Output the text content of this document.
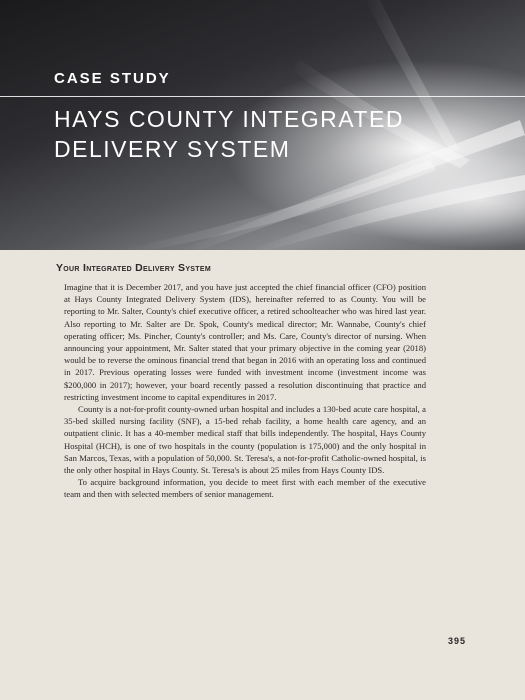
CASE STUDY
HAYS COUNTY INTEGRATED DELIVERY SYSTEM
Your Integrated Delivery System

Imagine that it is December 2017, and you have just accepted the chief financial officer (CFO) position at Hays County Integrated Delivery System (IDS), hereinafter referred to as County. You will be reporting to Mr. Salter, County's chief executive officer, a retired schoolteacher who was hired last year. Also reporting to Mr. Salter are Dr. Spok, County's medical director; Mr. Wannabe, County's chief operating officer; Ms. Pincher, County's controller; and Ms. Care, County's director of nursing. When announcing your appointment, Mr. Salter stated that your primary objective in the coming year (2018) would be to reverse the ominous financial trend that began in 2016 with an operating loss and continued in 2017. Previous operating losses were funded with investment income (investment income was $200,000 in 2017); however, your board recently passed a resolution discontinuing that practice and restricting investment income to capital expenditures in 2017.

County is a not-for-profit county-owned urban hospital and includes a 130-bed acute care hospital, a 35-bed skilled nursing facility (SNF), a 15-bed rehab facility, a home health care agency, and an outpatient clinic. It has a 40-member medical staff that bills independently. The hospital, Hays County Hospital (HCH), is one of two hospitals in the county (population is 175,000) and the only hospital in San Marcos, Texas, with a population of 50,000. St. Teresa's, a not-for-profit Catholic-owned hospital, is the only other hospital in Hays County. St. Teresa's is about 25 miles from Hays County IDS.

To acquire background information, you decide to meet first with each member of the executive team and then with selected members of senior management.

395
